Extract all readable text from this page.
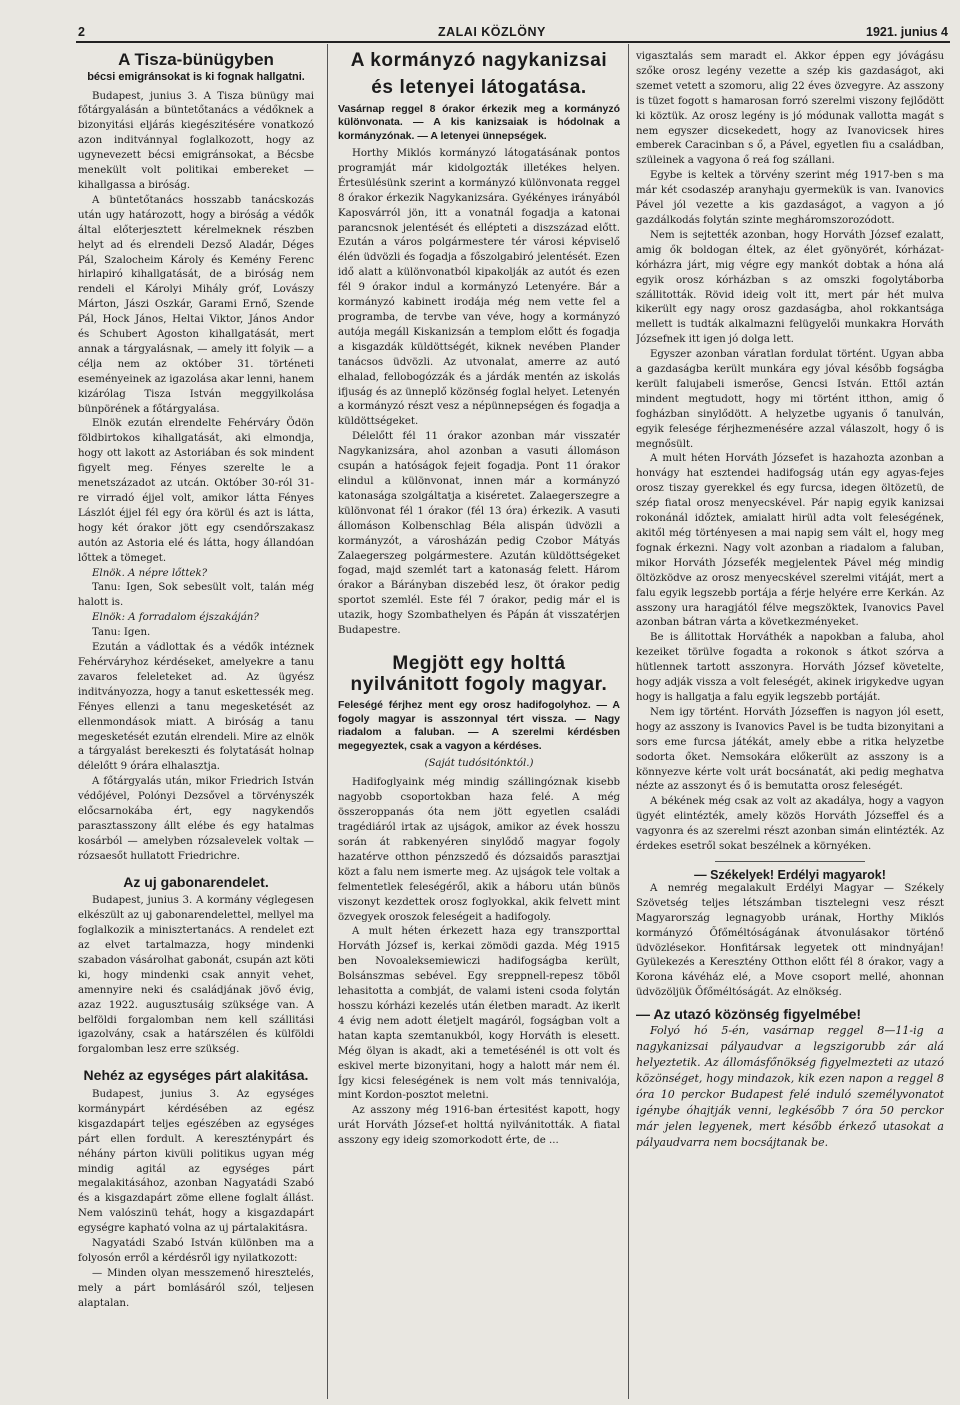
2	ZALAI KÖZLÖNY	1921. junius 4
A Tisza-bünügyben
bécsi emigránsokat is ki fognak hallgatni.

Budapest, junius 3. A Tisza bünügy mai főtárgyalásán a büntetőtanács a védőknek a bizonyitási eljárás kiegészitésére vonatkozó azon inditvánnyal foglalkozott, hogy az ugynevezett bécsi emigránsokat, a Bécsbe menekült volt politikai embereket — kihallgassa a biróság.

A büntetőtanács hosszabb tanácskozás után ugy határozott, hogy a biróság a védők által előterjesztett kérelmeknek részben helyt ad és elrendeli Dezső Aladár, Déges Pál, Szalocheim Károly és Kemény Ferenc hirlapiró kihallgatását, de a biróság nem rendeli el Károlyi Mihály gróf, Lovászy Márton, Jászi Oszkár, Garami Ernő, Szende Pál, Hock János, Heltai Viktor, János Andor és Schubert Agoston kihallgatását, mert annak a tárgyalásnak, — amely itt folyik — a célja nem az október 31. történeti eseményeinek az igazolása akar lenni, hanem kizárólag Tisza István meggyilkolása bünpörének a főtárgyalása.

Elnök ezután elrendelte Fehérváry Ödön földbirtokos kihallgatását, aki elmondja, hogy ott lakott az Astoriában és sok mindent figyelt meg. Fényes szerelte le a menetszázadot az utcán. Október 30-ról 31-re virradó éjjel volt, amikor látta Fényes Lászlót éjjel fél egy óra körül és azt is látta, hogy két órakor jött egy csendőrszakasz autón az Astoria elé és látta, hogy állandóan lőttek a tömeget.

Elnök. A népre lőttek?

Tanu: Igen, Sok sebesült volt, talán még halott is.

Elnök: A forradalom éjszakáján?

Tanu: Igen.

Ezután a vádlottak és a védők intéznek Fehérváryhoz kérdéseket, amelyekre a tanu zavaros feleleteket ad. Az ügyész inditványozza, hogy a tanut eskettessék meg. Fényes ellenzi a tanu megesketését az ellenmondások miatt. A biróság a tanu megesketését ezután elrendeli. Mire az elnök a tárgyalást berekeszti és folytatását holnap délelőtt 9 órára elhalasztja.

A főtárgyalás után, mikor Friedrich István védőjével, Polónyi Dezsővel a törvényszék előcsarnokába ért, egy nagykendős parasztasszony állt elébe és egy hatalmas kosárból — amelyben rózsalevelek voltak — rózsaesőt hullatott Friedrichre.

Az uj gabonarendelet.

Budapest, junius 3. A kormány véglegesen elkészült az uj gabonarendelettel, mellyel ma foglalkozik a minisztertanács. A rendelet ezt az elvet tartalmazza, hogy mindenki szabadon vásárolhat gabonát, csupán azt köti ki, hogy mindenki csak annyit vehet, amennyire neki és családjának jövő évig, azaz 1922. augusztusáig szüksége van. A belföldi forgalomban nem kell szállitási igazolvány, csak a határszélen és külföldi forgalomban lesz erre szükség.

Nehéz az egységes párt alakitása.

Budapest, junius 3. Az egységes kormánypárt kérdésében az egész kisgazdapárt teljes egészében az egységes párt ellen fordult. A kereszténypárt és néhány párton kivüli politikus ugyan még mindig agitál az egységes párt megalakitásához, azonban Nagyatádi Szabó és a kisgazdapárt zöme ellene foglalt állást. Nem valószinü tehát, hogy a kisgazdapárt egységre kapható volna az uj pártalakitásra.

Nagyatádi Szabó István különben ma a folyosón erről a kérdésről igy nyilatkozott:

— Minden olyan messzemenő hiresztelés, mely a párt bomlásáról szól, teljesen alaptalan.

A kormányzó nagykanizsai
és letenyei látogatása.
Vasárnap reggel 8 órakor érkezik meg a kormányzó különvonata. — A kis kanizsaiak is hódolnak a kormányzónak. — A letenyei ünnepségek.

Horthy Miklós kormányzó látogatásának pontos programját már kidolgozták illetékes helyen. Értesülésünk szerint a kormányzó különvonata reggel 8 órakor érkezik Nagykanizsára. Gyékényes irányából Kaposvárról jön, itt a vonatnál fogadja a katonai parancsnok jelentését és ellépteti a diszszázad előtt. Ezután a város polgármestere tér városi képviselő élén üdvözli és fogadja a főszolgabiró jelentését. Ezen idő alatt a különvonatból kipakolják az autót és ezen fél 9 órakor indul a kormányzó Letenyére. Bár a kormányzó kabinett irodája még nem vette fel a programba, de tervbe van véve, hogy a kormányzó autója megáll Kiskanizsán a templom előtt és fogadja a kisgazdák küldöttségét, kiknek nevében Plander tanácsos üdvözli. Az utvonalat, amerre az autó elhalad, fellobogózzák és a járdák mentén az iskolás ifjuság és az ünneplő közönség foglal helyet. Letenyén a kormányzó részt vesz a népünnepségen és fogadja a küldöttségeket.

Délelőtt fél 11 órakor azonban már visszatér Nagykanizsára, ahol azonban a vasuti állomáson csupán a hatóságok fejeit fogadja. Pont 11 órakor elindul a különvonat, innen már a kormányzó katonasága szolgáltatja a kiséretet. Zalaegerszegre a különvonat fél 1 órakor (fél 13 óra) érkezik. A vasuti állomáson Kolbenschlag Béla alispán üdvözli a kormányzót, a városházán pedig Czobor Mátyás Zalaegerszeg polgármestere. Azután küldöttségeket fogad, majd szemlét tart a katonaság felett. Három órakor a Bárányban diszebéd lesz, öt órakor pedig sportot szemlél. Este fél 7 órakor, pedig már el is utazik, hogy Szombathelyen és Pápán át visszatérjen Budapestre.

Megjött egy holttá nyilvánitott fogoly magyar.
Feleségé férjhez ment egy orosz hadifogolyhoz. — A fogoly magyar is asszonnyal tért vissza. — Nagy riadalom a faluban. — A szerelmi kérdésben megegyeztek, csak a vagyon a kérdéses.
(Saját tudósitónktól.)

Hadifoglyaink még mindig szállingóznak kisebb nagyobb csoportokban haza felé. A még összeroppanás óta nem jött egyetlen családi tragédiáról irtak az ujságok, amikor az évek hosszu során át rabkenyéren sinylődő magyar fogoly hazatérve otthon pénzszedő és dózsaidős parasztjai közt a falu nem ismerte meg. Az ujságok tele voltak a felmentetlek feleségéről, akik a háboru után bünös viszonyt kezdettek orosz foglyokkal, akik felvett mint özvegyek oroszok feleségeit a hadifogoly.

A mult héten érkezett haza egy transzporttal Horváth József is, kerkai zömödi gazda. Még 1915 ben Novoaleksemiewiczi hadifogságba került, Bolsánszmas sebével. Egy sreppnell-repesz töből lehasitotta a combját, de valami isteni csoda folytán hosszu kórházi kezelés után életben maradt. Az ikerlt 4 évig nem adott életjelt magáról, fogságban volt a hatan kapta szemtanukból, kogy Horváth is elesett. Még ölyan is akadt, aki a temetésénél is ott volt és eskivel merte bizonyitani, hogy a halott már nem él. Így kicsi feleségének is nem volt más tennivalója, mint Kordon-posztot meletni.

Az asszony még 1916-ban értesitést kapott, hogy urát Horváth József-et holttá nyilvánitották. A fiatal asszony egy ideig szomorkodott érte, de ...

vigasztalás sem maradt el. Akkor éppen egy jóvágásu szőke orosz legény vezette a szép kis gazdaságot, aki szemet vetett a szomoru, alig 22 éves özvegyre. Az asszony is tüzet fogott s hamarosan forró szerelmi viszony fejlődött ki köztük. Az orosz legény is jó módunak vallotta magát s nem egyszer dicsekedett, hogy az Ivanovicsek hires emberek Caracinban s ő, a Pável, egyetlen fiu a családban, szüleinek a vagyona ő reá fog szállani.

Egybe is keltek a törvény szerint még 1917-ben s ma már két csodaszép aranyhaju gyermekük is van. Ivanovics Pável jól vezette a kis gazdaságot, a vagyon a jó gazdálkodás folytán szinte megháromszorozódott.

Nem is sejtették azonban, hogy Horváth József ezalatt, amig ők boldogan éltek, az élet gyönyörét, kórházat-kórházra járt, mig végre egy mankót dobtak a hóna alá egyik orosz kórházban s az omszki fogolytáborba szállitották. Rövid ideig volt itt, mert pár hét mulva kikerült egy nagy orosz gazdaságba, ahol rokkantsága mellett is tudták alkalmazni felügyelői munkakra Horváth Józsefnek itt igen jó dolga lett.

Egyszer azonban váratlan fordulat történt. Ugyan abba a gazdaságba került munkára egy jóval később fogságba került falujabeli ismerőse, Gencsi István. Ettől aztán mindent megtudott, hogy mi történt itthon, amig ő fogházban sinylődött. A helyzetbe ugyanis ő tanulván, egyik felesége férjhezmenésére azzal válaszolt, hogy ő is megnősült.

A mult héten Horváth Józsefet is hazahozta azonban a honvágy hat esztendei hadifogság után egy agyas-fejes orosz tiszay gyerekkel és egy furcsa, idegen öltözetü, de szép fiatal orosz menyecskével. Pár napig egyik kanizsai rokonánál időztek, amialatt hirül adta volt feleségének, akitől még történyesen a mai napig sem vált el, hogy meg fognak érkezni. Nagy volt azonban a riadalom a faluban, mikor Horváth Józsefék megjelentek Pável még mindig öltözködve az orosz menyecskével szerelmi vitáját, mert a falu egyik legszebb portája a férje helyére erre Kerkán. Az asszony ura haragjától félve megszöktek, Ivanovics Pavel azonban bátran várta a következményeket.

Be is állitottak Horváthék a napokban a faluba, ahol kezeiket törülve fogadta a rokonok s átkot szórva a hütlennek tartott asszonyra. Horváth József követelte, hogy adják vissza a volt feleségét, akinek irigykedve ugyan hogy is hallgatja a falu egyik legszebb portáját.

Nem igy történt. Horváth Józseffen is nagyon jól esett, hogy az asszony is Ivanovics Pavel is be tudta bizonyitani a sors eme furcsa játékát, amely ebbe a ritka helyzetbe sodorta őket. Nemsokára előkerült az asszony is a könnyezve kérte volt urát bocsánatát, aki pedig meghatva nézte az asszonyt és ő is bemutatta orosz feleségét.

A békének még csak az volt az akadálya, hogy a vagyon ügyét elintézték, amely közös Horváth Józseffel és a vagyonra és az szerelmi részt azonban simán elintézték. Az érdekes esetről sokat beszélnek a környéken.

— Székelyek! Erdélyi magyarok!

A nemrég megalakult Erdélyi Magyar — Székely Szövetség teljes létszámban tisztelegni vesz részt Magyarország legnagyobb urának, Horthy Miklós kormányzó Őfőméltóságának átvonulásakor történő üdvözlésekor. Honfitársak legyetek ott mindnyájan! Gyülekezés a Keresztény Otthon előtt fél 8 órakor, vagy a Korona kávéház elé, a Move csoport mellé, ahonnan üdvözöljük Őfőméltóságát. Az elnökség.

— Az utazó közönség figyelmébe!

Folyó hó 5-én, vasárnap reggel 8—11-ig a nagykanizsai pályaudvar a legszigorubb zár alá helyeztetik. Az állomásfőnökség figyelmezteti az utazó közönséget, hogy mindazok, kik ezen napon a reggel 8 óra 10 perckor Budapest felé induló személyvonatot igénybe óhajtják venni, legkésőbb 7 óra 50 perckor már jelen legyenek, mert később érkező utasokat a pályaudvarra nem bocsájtanak be.
